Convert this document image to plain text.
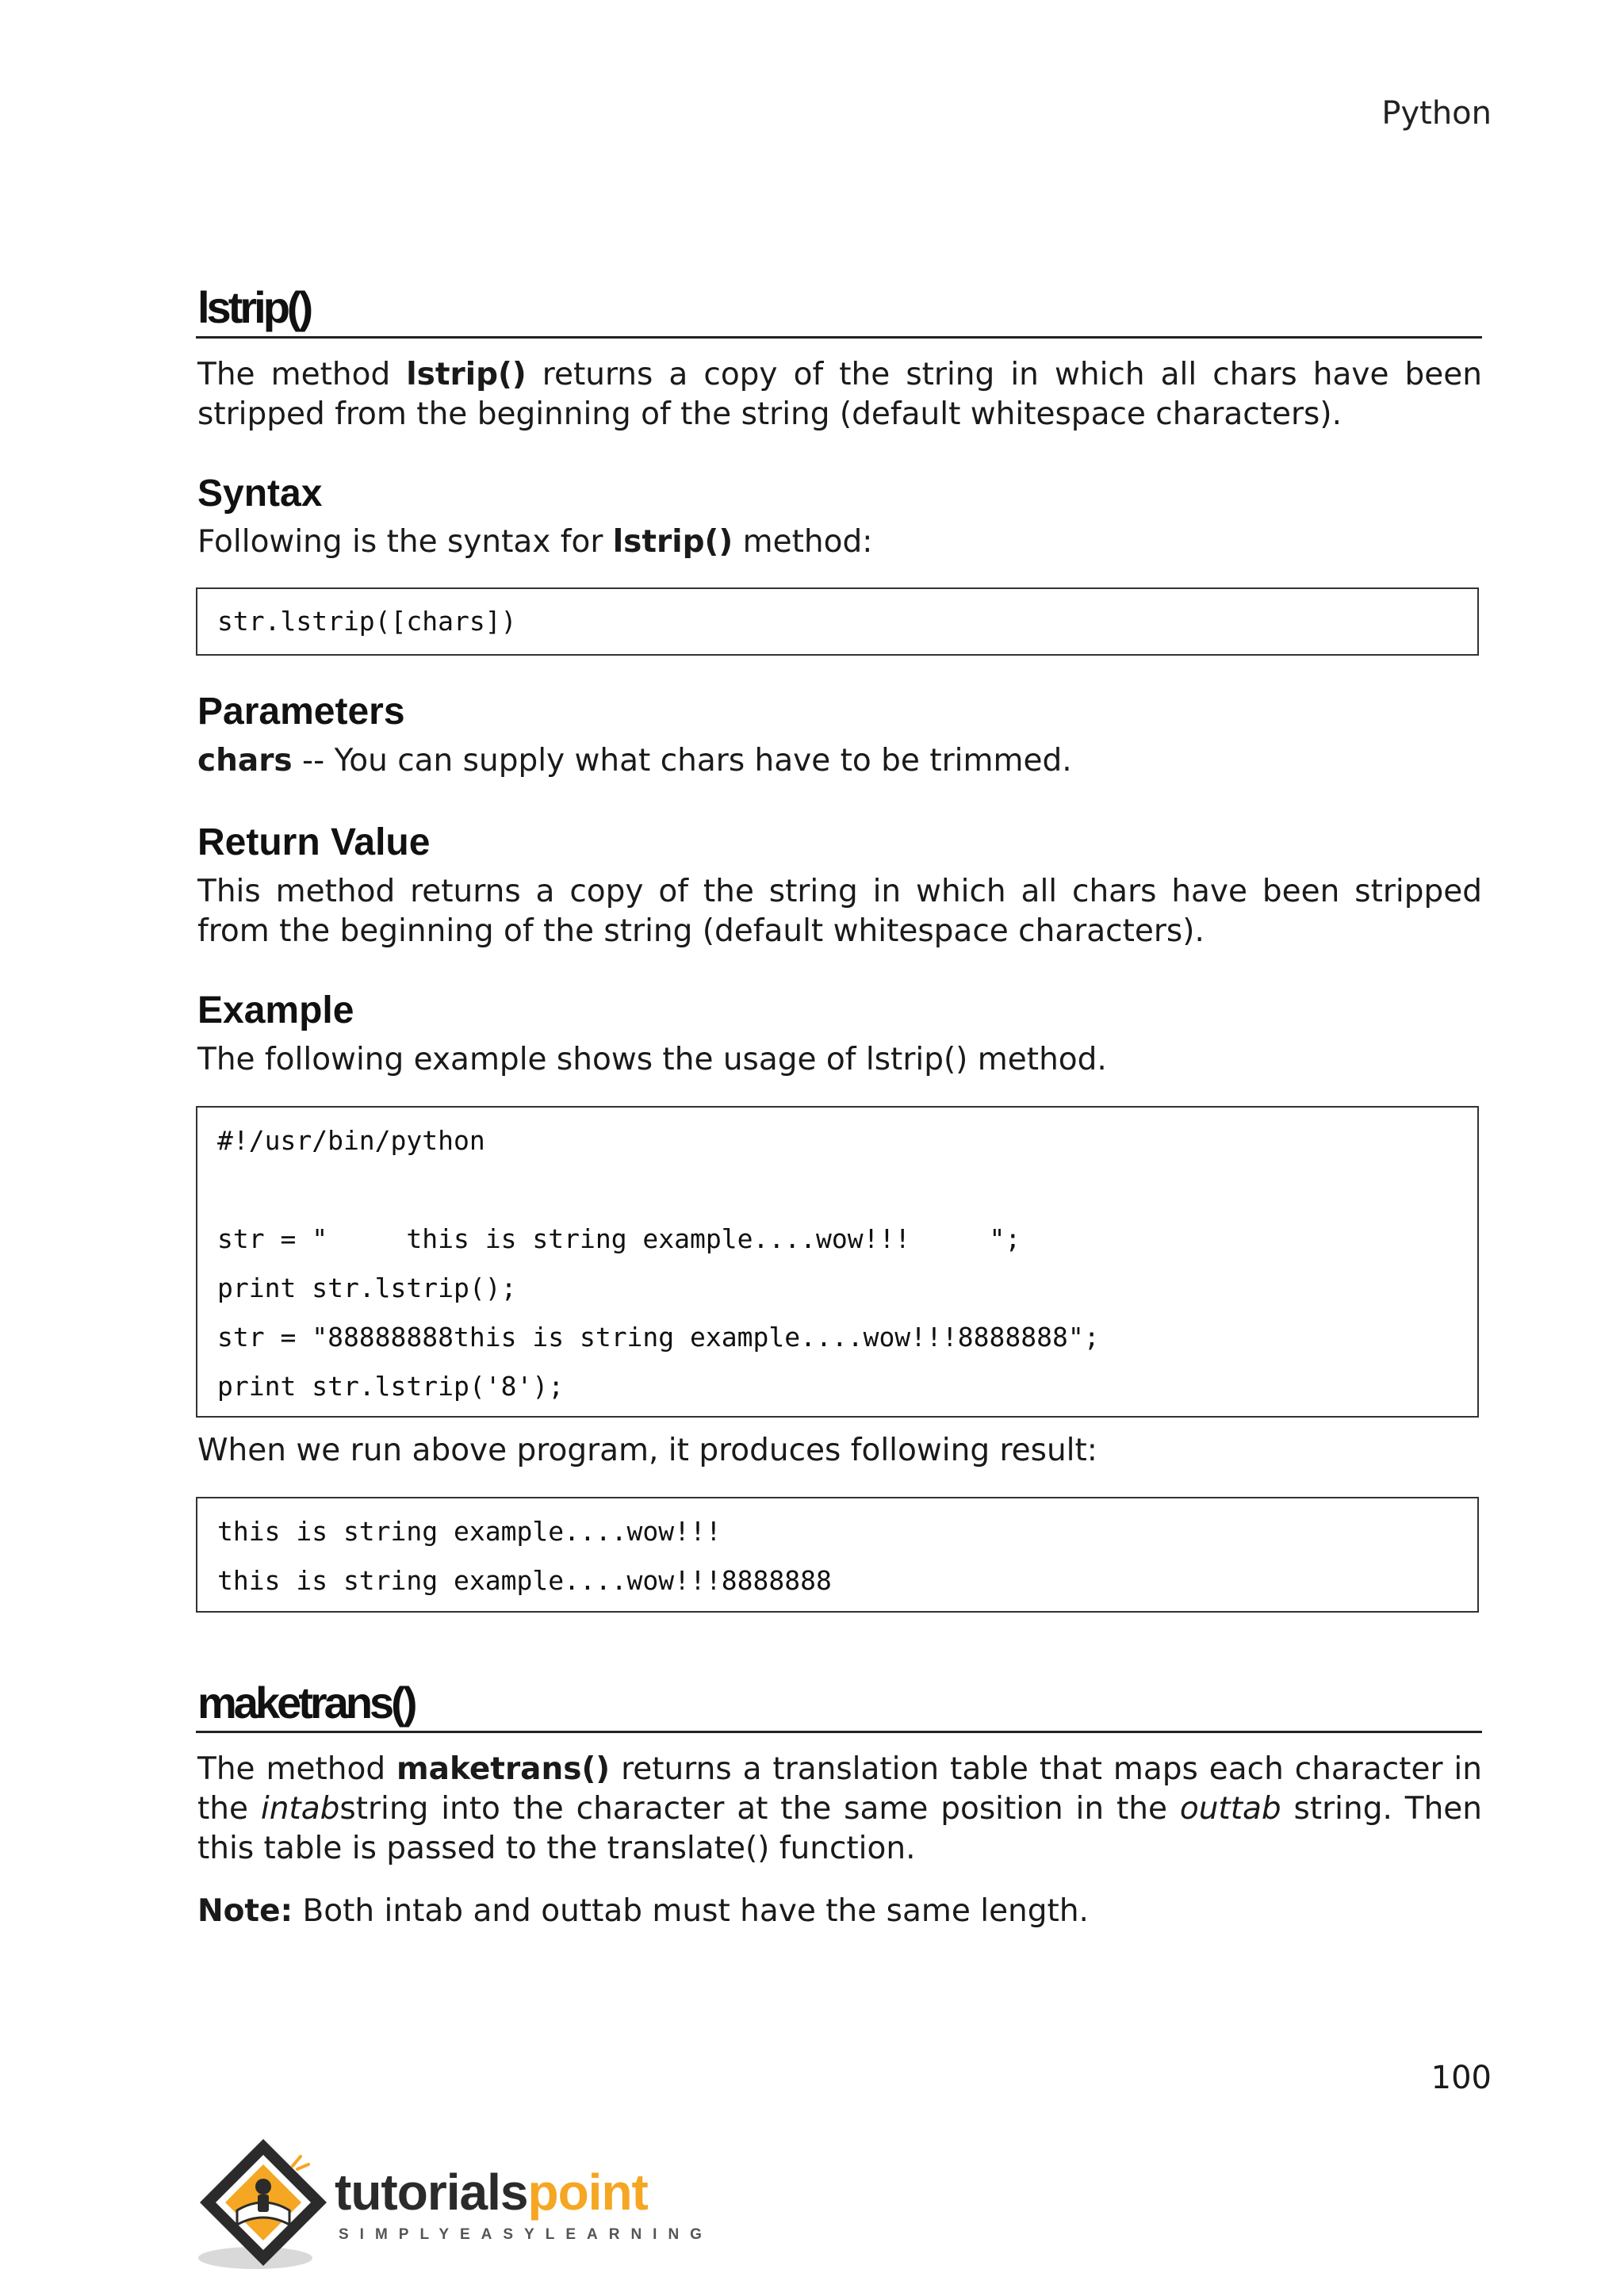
Python
lstrip()
The method lstrip() returns a copy of the string in which all chars have been stripped from the beginning of the string (default whitespace characters).
Syntax
Following is the syntax for lstrip() method:
str.lstrip([chars])
Parameters
chars -- You can supply what chars have to be trimmed.
Return Value
This method returns a copy of the string in which all chars have been stripped from the beginning of the string (default whitespace characters).
Example
The following example shows the usage of lstrip() method.
#!/usr/bin/python
str = "     this is string example....wow!!!     ";
print str.lstrip();
str = "88888888this is string example....wow!!!8888888";
print str.lstrip('8');
When we run above program, it produces following result:
this is string example....wow!!!
this is string example....wow!!!8888888
maketrans()
The method maketrans() returns a translation table that maps each character in the intabstring into the character at the same position in the outtab string. Then this table is passed to the translate() function.
Note: Both intab and outtab must have the same length.
100
tutorialspoint
SIMPLYEASYLEARNING
